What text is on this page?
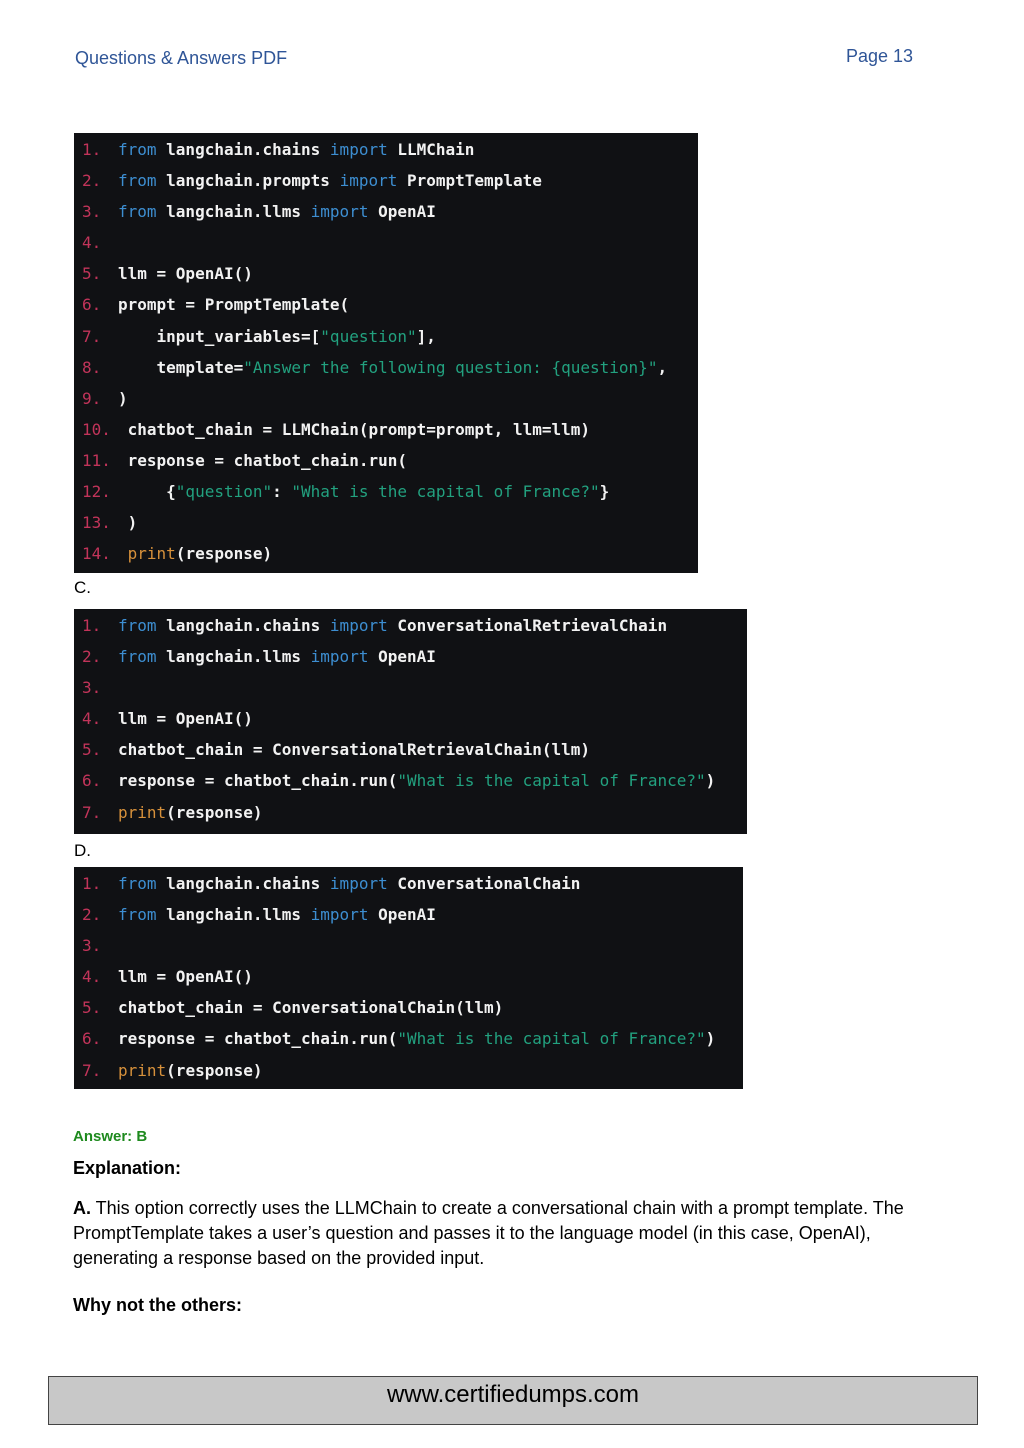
Questions & Answers PDF	Page 13
1.	from langchain.chains import LLMChain
2.	from langchain.prompts import PromptTemplate
3.	from langchain.llms import OpenAI
4.
5.	llm = OpenAI()
6.	prompt = PromptTemplate(
7.	input_variables=["question"],
8.	template="Answer the following question: {question}",
9.	)
10. chatbot_chain = LLMChain(prompt=prompt, llm=llm)
11. response = chatbot_chain.run(
12. {"question": "What is the capital of France?"}
13. )
14.	print(response)
C.
1.	from langchain.chains import ConversationalRetrievalChain
2.	from langchain.llms import OpenAI
3.
4.	llm = OpenAI()
5.	chatbot_chain = ConversationalRetrievalChain(llm)
6.	response = chatbot_chain.run("What is the capital of France?")
7.	print(response)
D.
1.	from langchain.chains import ConversationalChain
2.	from langchain.llms import OpenAI
3.
4.	llm = OpenAI()
5.	chatbot_chain = ConversationalChain(llm)
6.	response = chatbot_chain.run("What is the capital of France?")
7.	print(response)
Answer: B
Explanation:
A. This option correctly uses the LLMChain to create a conversational chain with a prompt template. The PromptTemplate takes a user’s question and passes it to the language model (in this case, OpenAI), generating a response based on the provided input.
Why not the others:
www.certifiedumps.com
